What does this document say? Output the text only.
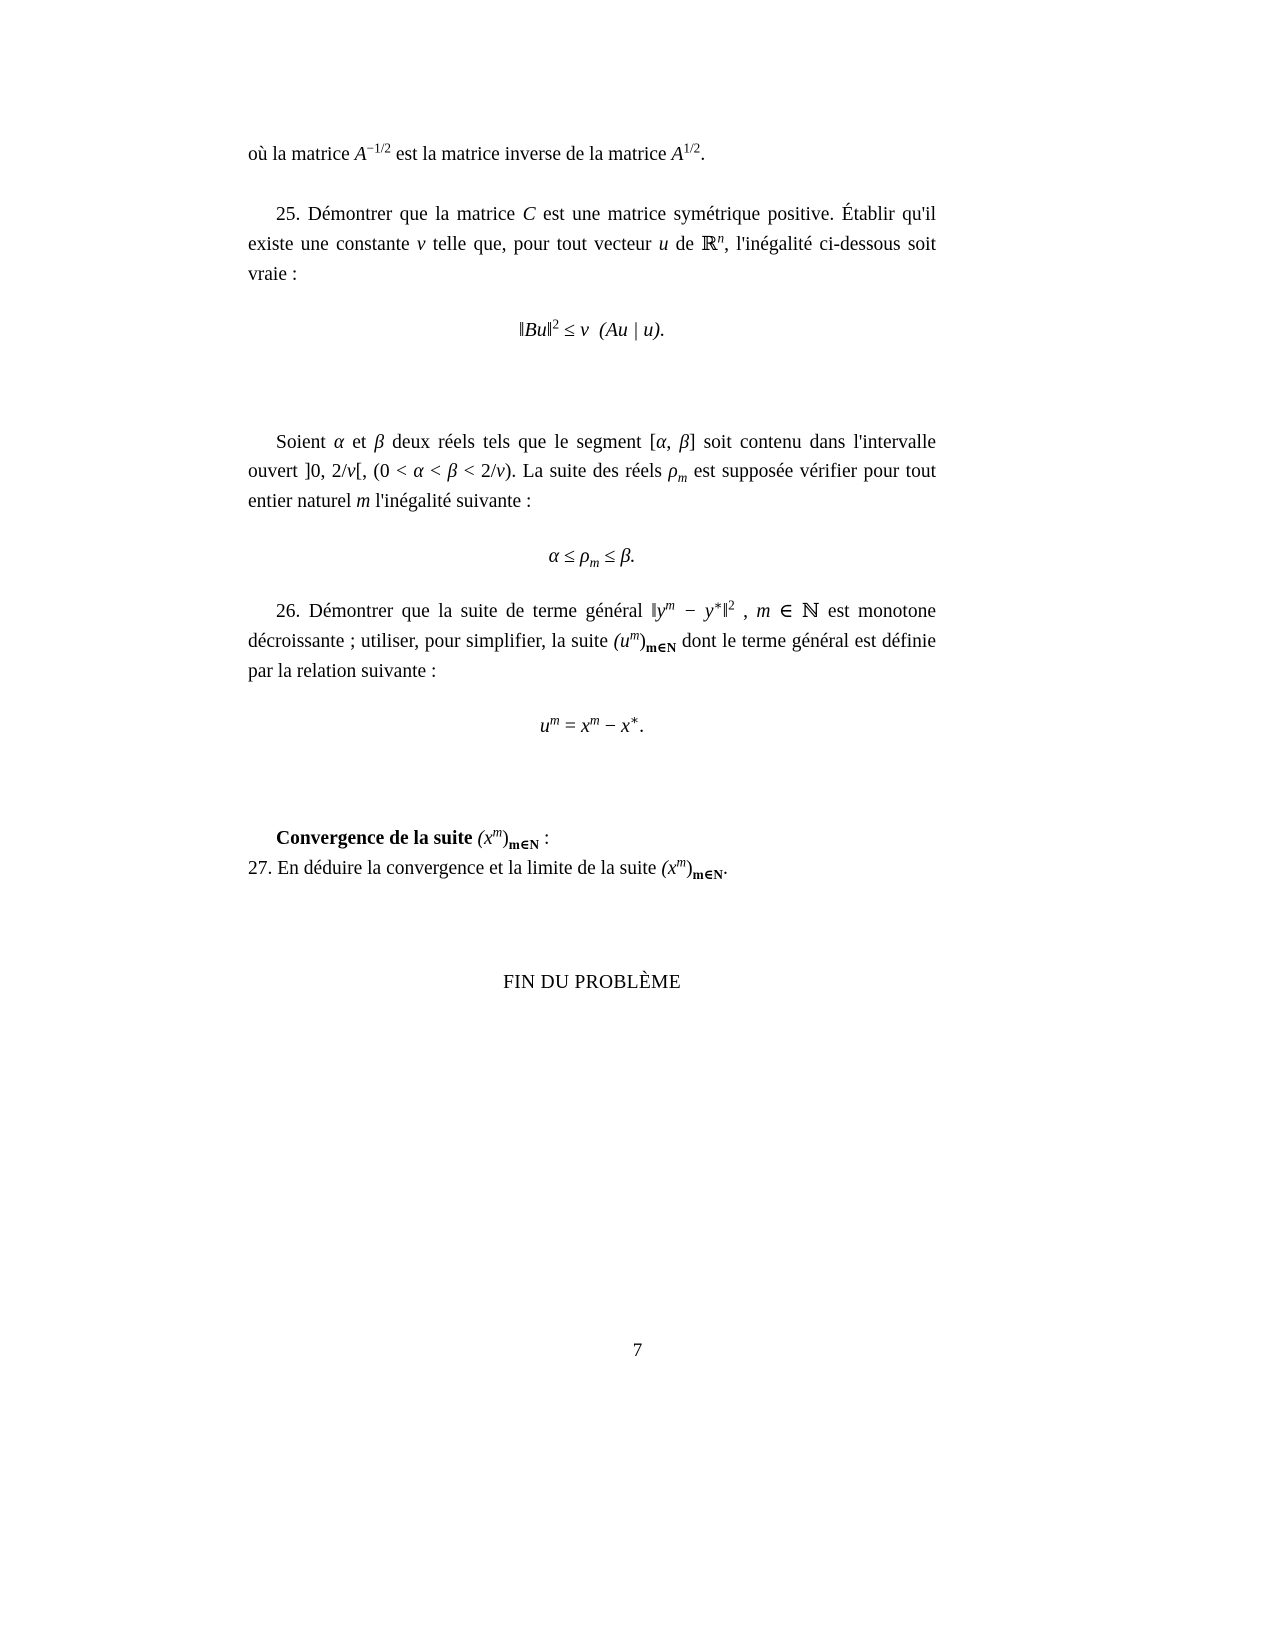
où la matrice $A^{-1/2}$ est la matrice inverse de la matrice $A^{1/2}$.

25. Démontrer que la matrice C est une matrice symétrique positive. Établir qu'il existe une constante ν telle que, pour tout vecteur u de ℝ$^n$, l'inégalité ci-dessous soit vraie :

‖Bu‖$^2$ ≤ ν (Au | u).

Soient α et β deux réels tels que le segment [α, β] soit contenu dans l'intervalle ouvert ]0, 2/ν[, (0 < α < β < 2/ν). La suite des réels $\rho_m$ est supposée vérifier pour tout entier naturel m l'inégalité suivante :

$\alpha \le \rho_m \le \beta$.

26. Démontrer que la suite de terme général $‖y^m$ − y∗‖$^2$ , m ∈ ℕ est monotone décroissante ; utiliser, pour simplifier, la suite $(u^m)_{m\in N}$ dont le terme général est définie par la relation suivante :

$u^m = x^m - x^∗$.

Convergence de la suite $(x^m)_{m\in N}$ :

27. En déduire la convergence et la limite de la suite $(x^m)_{m\in N}$.

FIN DU PROBLÈME
7
